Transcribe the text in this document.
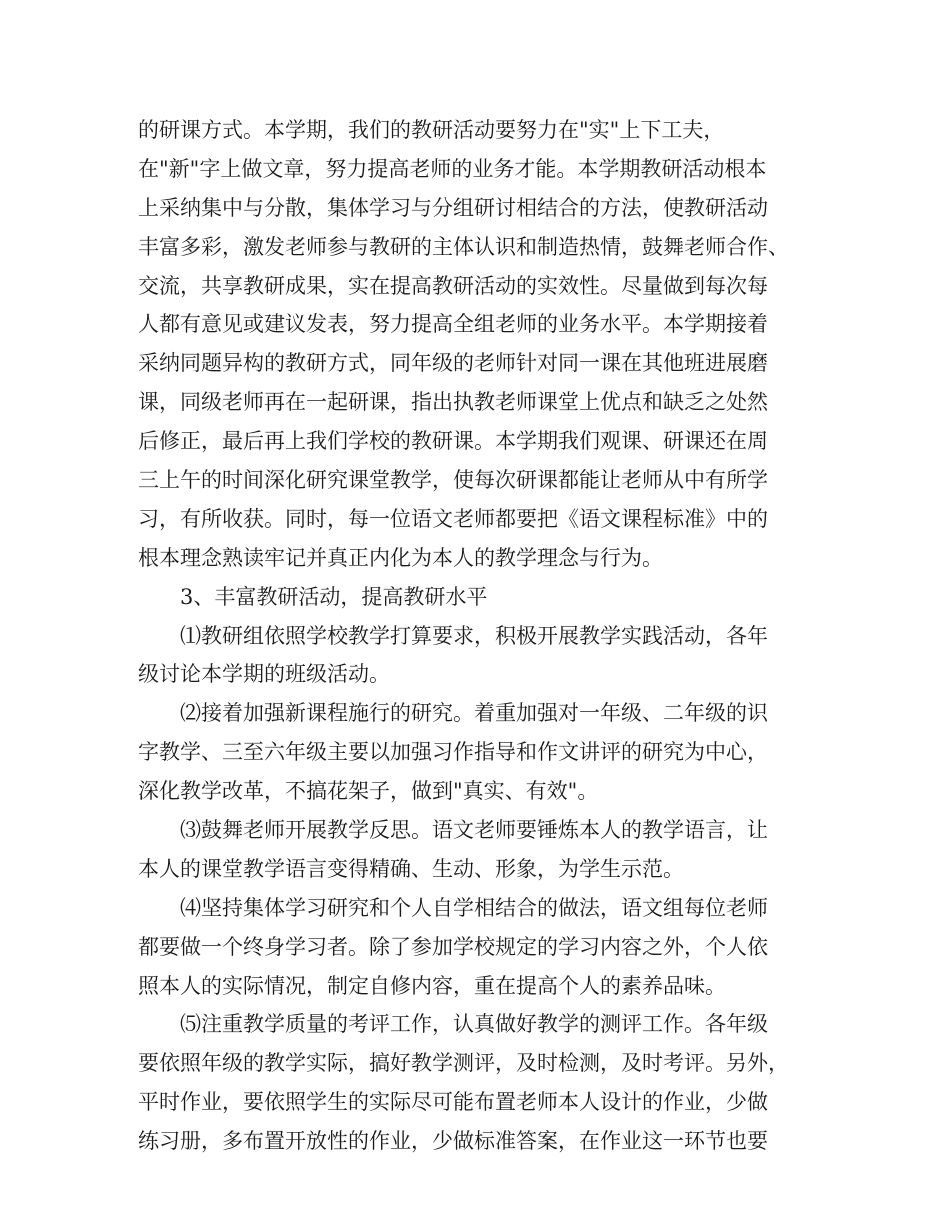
的研课方式。本学期，我们的教研活动要努力在"实"上下工夫，
在"新"字上做文章，努力提高老师的业务才能。本学期教研活动根本
上采纳集中与分散，集体学习与分组研讨相结合的方法，使教研活动
丰富多彩，激发老师参与教研的主体认识和制造热情，鼓舞老师合作、
交流，共享教研成果，实在提高教研活动的实效性。尽量做到每次每
人都有意见或建议发表，努力提高全组老师的业务水平。本学期接着
采纳同题异构的教研方式，同年级的老师针对同一课在其他班进展磨
课，同级老师再在一起研课，指出执教老师课堂上优点和缺乏之处然
后修正，最后再上我们学校的教研课。本学期我们观课、研课还在周
三上午的时间深化研究课堂教学，使每次研课都能让老师从中有所学
习，有所收获。同时，每一位语文老师都要把《语文课程标准》中的
根本理念熟读牢记并真正内化为本人的教学理念与行为。
3、丰富教研活动，提高教研水平
⑴教研组依照学校教学打算要求，积极开展教学实践活动，各年
级讨论本学期的班级活动。
⑵接着加强新课程施行的研究。着重加强对一年级、二年级的识
字教学、三至六年级主要以加强习作指导和作文讲评的研究为中心，
深化教学改革，不搞花架子，做到"真实、有效"。
⑶鼓舞老师开展教学反思。语文老师要锤炼本人的教学语言，让
本人的课堂教学语言变得精确、生动、形象，为学生示范。
⑷坚持集体学习研究和个人自学相结合的做法，语文组每位老师
都要做一个终身学习者。除了参加学校规定的学习内容之外，个人依
照本人的实际情况，制定自修内容，重在提高个人的素养品味。
⑸注重教学质量的考评工作，认真做好教学的测评工作。各年级
要依照年级的教学实际，搞好教学测评，及时检测，及时考评。另外，
平时作业，要依照学生的实际尽可能布置老师本人设计的作业，少做
练习册，多布置开放性的作业，少做标准答案，在作业这一环节也要
